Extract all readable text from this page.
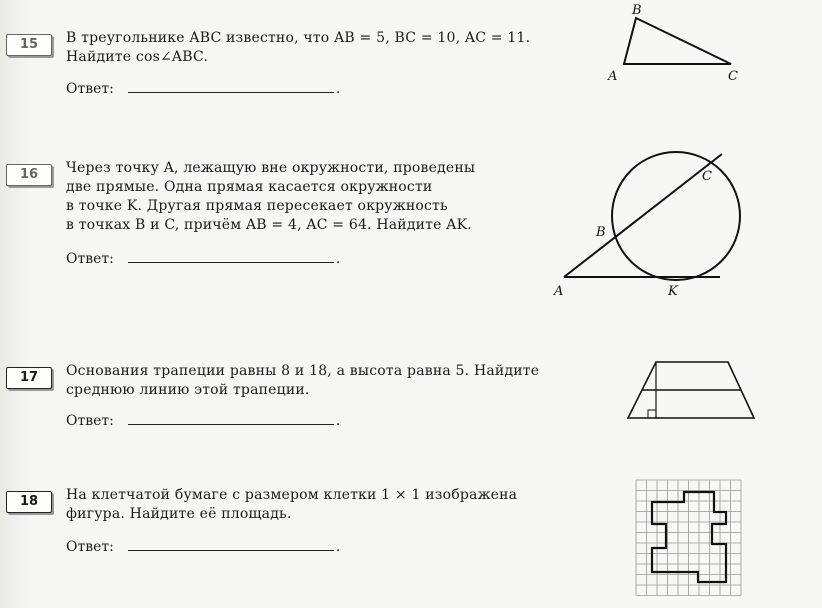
15	В треугольнике ABC известно, что AB = 5, BC = 10, AC = 11.
Найдите cos∠ABC.
Ответ:	.
B
A	C
16	Через точку A, лежащую вне окружности, проведены
две прямые. Одна прямая касается окружности
в точке K. Другая прямая пересекает окружность
в точках B и C, причём AB = 4, AC = 64. Найдите AK.
Ответ:	.
A
B
C
K
17	Основания трапеции равны 8 и 18, а высота равна 5. Найдите
среднюю линию этой трапеции.
Ответ:	.
18	На клетчатой бумаге с размером клетки 1 × 1 изображена
фигура. Найдите её площадь.
Ответ:	.
